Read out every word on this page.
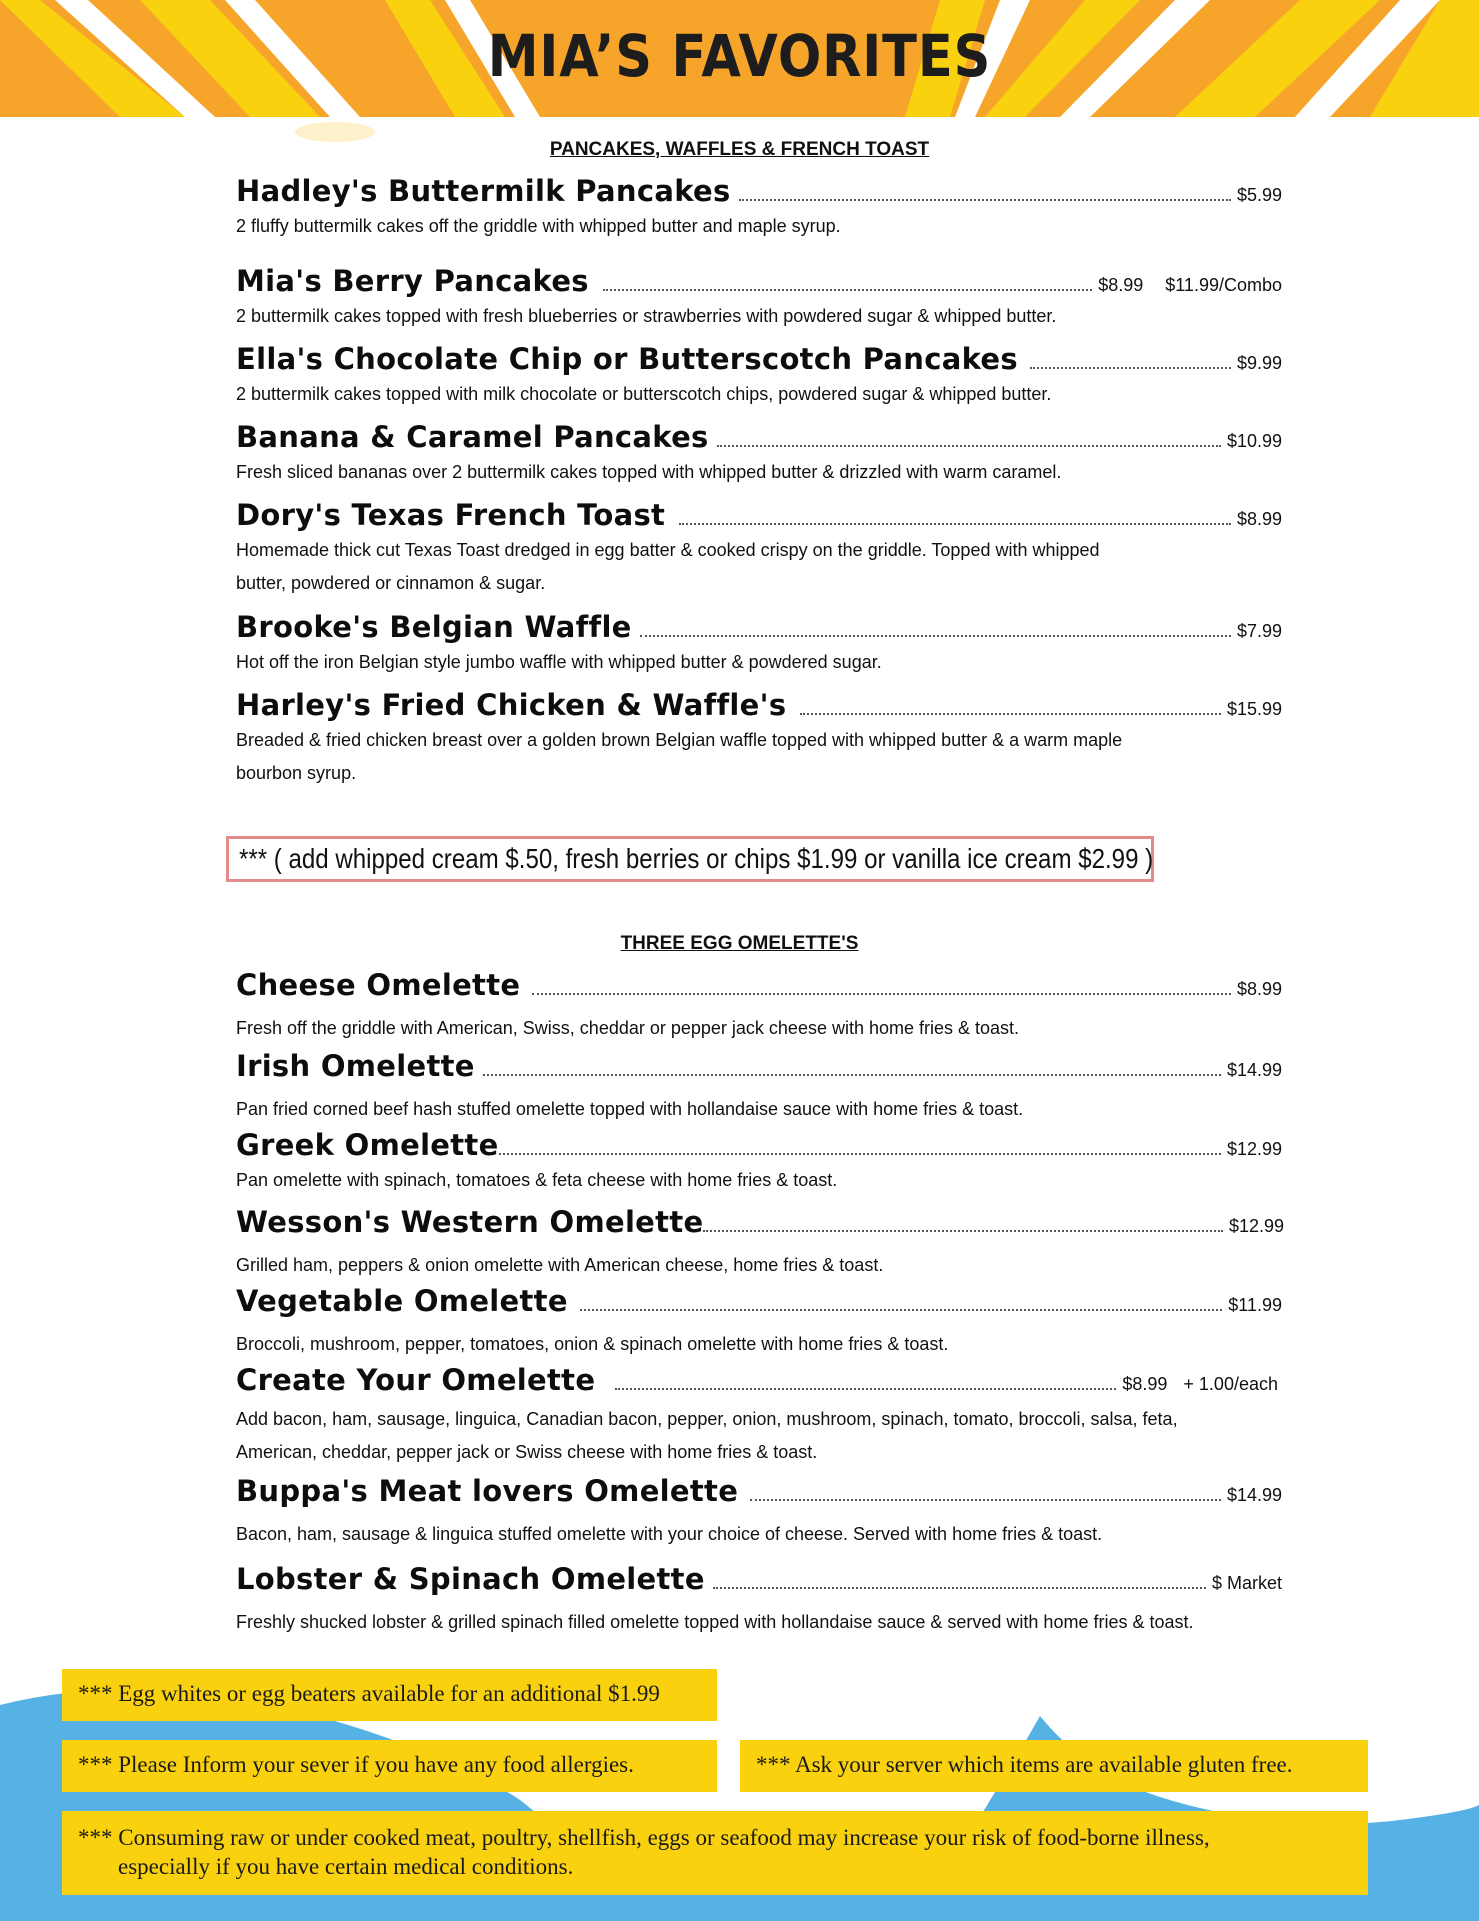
MIA’S FAVORITES
PANCAKES, WAFFLES & FRENCH TOAST
Hadley's Buttermilk Pancakes	$5.99
2 fluffy buttermilk cakes off the griddle with whipped butter and maple syrup.
Mia's Berry Pancakes	$8.99 $11.99/Combo
2 buttermilk cakes topped with fresh blueberries or strawberries with powdered sugar & whipped butter.
Ella's Chocolate Chip or Butterscotch Pancakes	$9.99
2 buttermilk cakes topped with milk chocolate or butterscotch chips, powdered sugar & whipped butter.
Banana & Caramel Pancakes	$10.99
Fresh sliced bananas over 2 buttermilk cakes topped with whipped butter & drizzled with warm caramel.
Dory's Texas French Toast	$8.99
Homemade thick cut Texas Toast dredged in egg batter & cooked crispy on the griddle. Topped with whipped butter, powdered or cinnamon & sugar.
Brooke's Belgian Waffle	$7.99
Hot off the iron Belgian style jumbo waffle with whipped butter & powdered sugar.
Harley's Fried Chicken & Waffle's	$15.99
Breaded & fried chicken breast over a golden brown Belgian waffle topped with whipped butter & a warm maple bourbon syrup.
*** ( add whipped cream $.50, fresh berries or chips $1.99 or vanilla ice cream $2.99 )
THREE EGG OMELETTE'S
Cheese Omelette	$8.99
Fresh off the griddle with American, Swiss, cheddar or pepper jack cheese with home fries & toast.
Irish Omelette	$14.99
Pan fried corned beef hash stuffed omelette topped with hollandaise sauce with home fries & toast.
Greek Omelette	$12.99
Pan omelette with spinach, tomatoes & feta cheese with home fries & toast.
Wesson's Western Omelette	$12.99
Grilled ham, peppers & onion omelette with American cheese, home fries & toast.
Vegetable Omelette	$11.99
Broccoli, mushroom, pepper, tomatoes, onion & spinach omelette with home fries & toast.
Create Your Omelette	$8.99 + 1.00/each
Add bacon, ham, sausage, linguica, Canadian bacon, pepper, onion, mushroom, spinach, tomato, broccoli, salsa, feta, American, cheddar, pepper jack or Swiss cheese with home fries & toast.
Buppa's Meat lovers Omelette	$14.99
Bacon, ham, sausage & linguica stuffed omelette with your choice of cheese. Served with home fries & toast.
Lobster & Spinach Omelette	$ Market
Freshly shucked lobster & grilled spinach filled omelette topped with hollandaise sauce & served with home fries & toast.
*** Egg whites or egg beaters available for an additional $1.99
*** Please Inform your sever if you have any food allergies.	*** Ask your server which items are available gluten free.
*** Consuming raw or under cooked meat, poultry, shellfish, eggs or seafood may increase your risk of food-borne illness,
especially if you have certain medical conditions.
